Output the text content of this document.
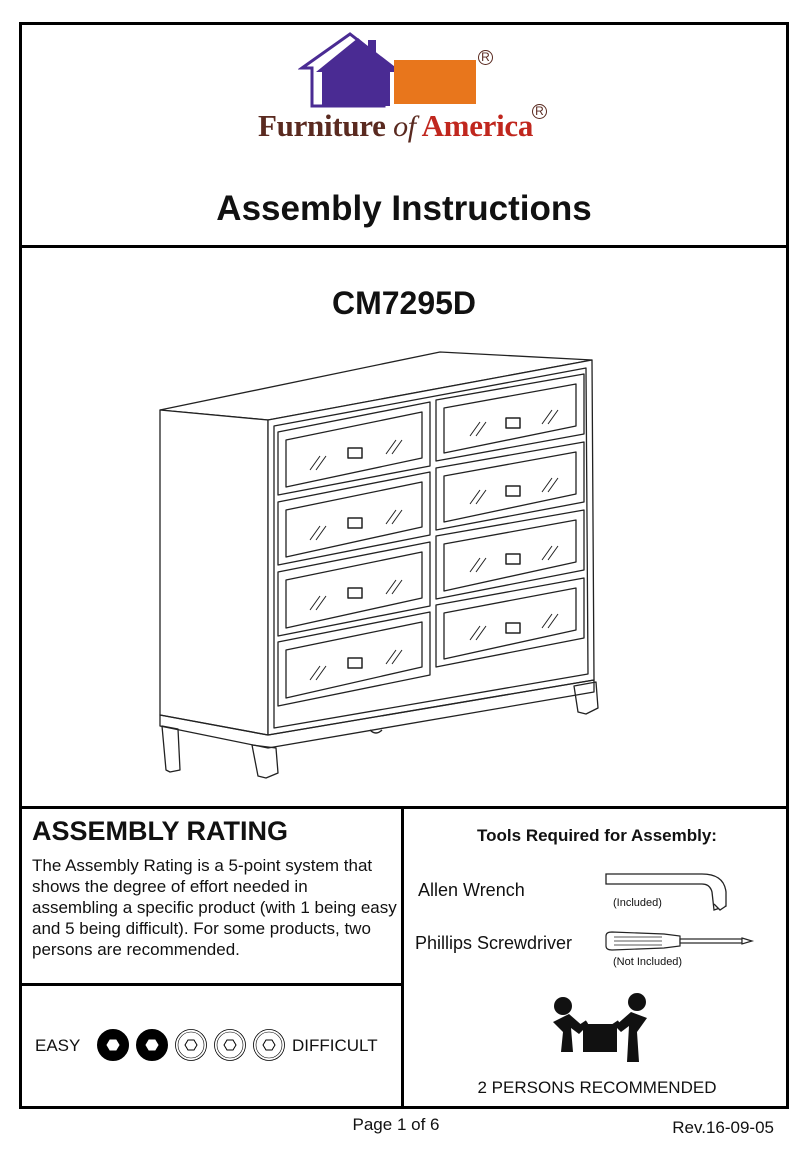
R
Furniture of America R
Assembly Instructions
CM7295D
ASSEMBLY RATING
The Assembly Rating is a 5-point system that shows the degree of effort needed in assembling a specific product (with 1 being easy and 5 being difficult). For some products, two persons are recommended.
EASY	DIFFICULT
Tools Required for Assembly:
Allen Wrench
(Included)
Phillips Screwdriver
(Not Included)
2 PERSONS RECOMMENDED
Page 1 of 6	Rev.16-09-05
